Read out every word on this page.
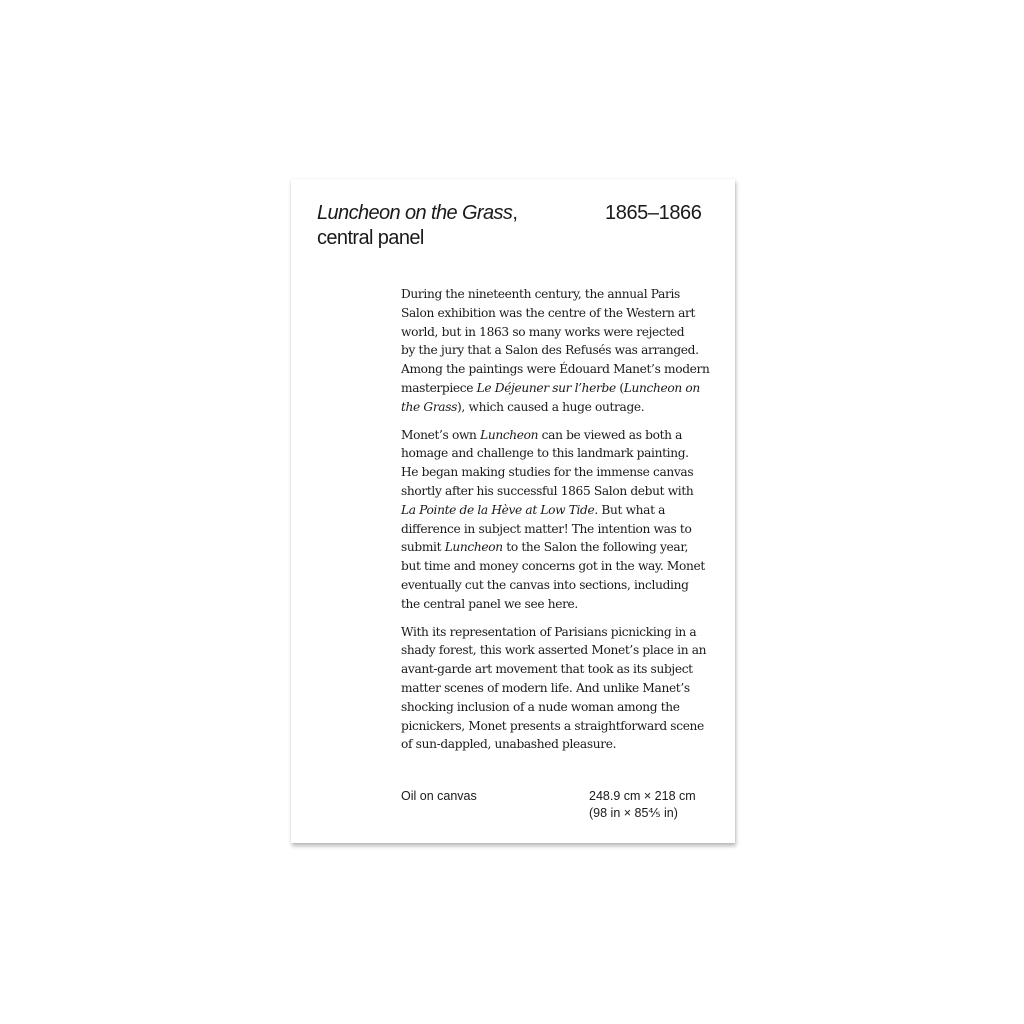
Luncheon on the Grass,
central panel
1865–1866

During the nineteenth century, the annual Paris
Salon exhibition was the centre of the Western art
world, but in 1863 so many works were rejected
by the jury that a Salon des Refusés was arranged.
Among the paintings were Édouard Manet’s modern
masterpiece Le Déjeuner sur l’herbe (Luncheon on
the Grass), which caused a huge outrage.

Monet’s own Luncheon can be viewed as both a
homage and challenge to this landmark painting.
He began making studies for the immense canvas
shortly after his successful 1865 Salon debut with
La Pointe de la Hève at Low Tide. But what a
difference in subject matter! The intention was to
submit Luncheon to the Salon the following year,
but time and money concerns got in the way. Monet
eventually cut the canvas into sections, including
the central panel we see here.

With its representation of Parisians picnicking in a
shady forest, this work asserted Monet’s place in an
avant-garde art movement that took as its subject
matter scenes of modern life. And unlike Manet’s
shocking inclusion of a nude woman among the
picnickers, Monet presents a straightforward scene
of sun-dappled, unabashed pleasure.

Oil on canvas	248.9 cm × 218 cm
(98 in × 85⅘ in)
